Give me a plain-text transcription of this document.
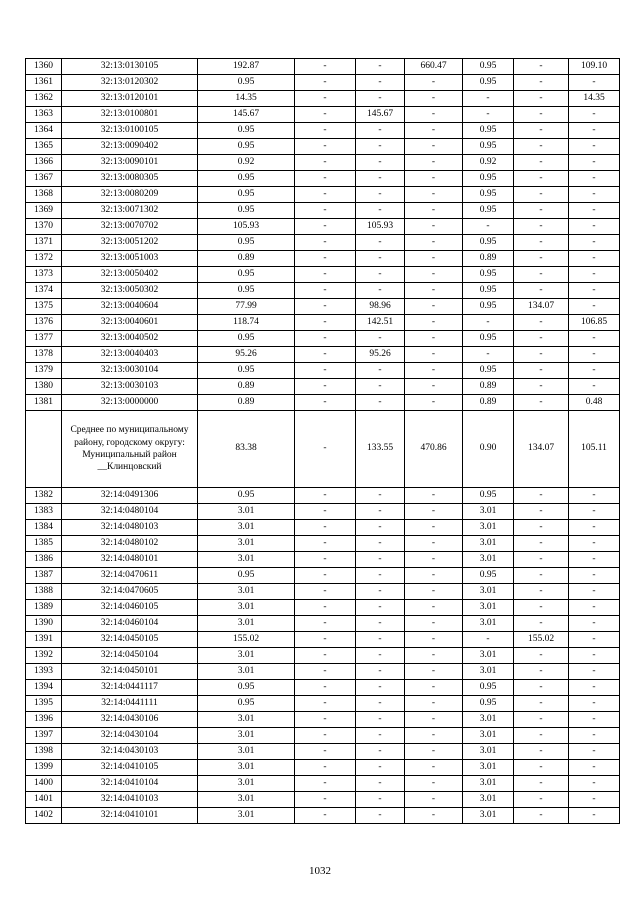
1360	32:13:0130105	192.87	-	-	660.47	0.95	-	109.10
1361	32:13:0120302	0.95	-	-	-	0.95	-	-
1362	32:13:0120101	14.35	-	-	-	-	-	14.35
1363	32:13:0100801	145.67	-	145.67	-	-	-	-
1364	32:13:0100105	0.95	-	-	-	0.95	-	-
1365	32:13:0090402	0.95	-	-	-	0.95	-	-
1366	32:13:0090101	0.92	-	-	-	0.92	-	-
1367	32:13:0080305	0.95	-	-	-	0.95	-	-
1368	32:13:0080209	0.95	-	-	-	0.95	-	-
1369	32:13:0071302	0.95	-	-	-	0.95	-	-
1370	32:13:0070702	105.93	-	105.93	-	-	-	-
1371	32:13:0051202	0.95	-	-	-	0.95	-	-
1372	32:13:0051003	0.89	-	-	-	0.89	-	-
1373	32:13:0050402	0.95	-	-	-	0.95	-	-
1374	32:13:0050302	0.95	-	-	-	0.95	-	-
1375	32:13:0040604	77.99	-	98.96	-	0.95	134.07	-
1376	32:13:0040601	118.74	-	142.51	-	-	-	106.85
1377	32:13:0040502	0.95	-	-	-	0.95	-	-
1378	32:13:0040403	95.26	-	95.26	-	-	-	-
1379	32:13:0030104	0.95	-	-	-	0.95	-	-
1380	32:13:0030103	0.89	-	-	-	0.89	-	-
1381	32:13:0000000	0.89	-	-	-	0.89	-	0.48
	Среднее по муниципальному району, городскому округу: Муниципальный район __Клинцовский	83.38	-	133.55	470.86	0.90	134.07	105.11
1382	32:14:0491306	0.95	-	-	-	0.95	-	-
1383	32:14:0480104	3.01	-	-	-	3.01	-	-
1384	32:14:0480103	3.01	-	-	-	3.01	-	-
1385	32:14:0480102	3.01	-	-	-	3.01	-	-
1386	32:14:0480101	3.01	-	-	-	3.01	-	-
1387	32:14:0470611	0.95	-	-	-	0.95	-	-
1388	32:14:0470605	3.01	-	-	-	3.01	-	-
1389	32:14:0460105	3.01	-	-	-	3.01	-	-
1390	32:14:0460104	3.01	-	-	-	3.01	-	-
1391	32:14:0450105	155.02	-	-	-	-	155.02	-
1392	32:14:0450104	3.01	-	-	-	3.01	-	-
1393	32:14:0450101	3.01	-	-	-	3.01	-	-
1394	32:14:0441117	0.95	-	-	-	0.95	-	-
1395	32:14:0441111	0.95	-	-	-	0.95	-	-
1396	32:14:0430106	3.01	-	-	-	3.01	-	-
1397	32:14:0430104	3.01	-	-	-	3.01	-	-
1398	32:14:0430103	3.01	-	-	-	3.01	-	-
1399	32:14:0410105	3.01	-	-	-	3.01	-	-
1400	32:14:0410104	3.01	-	-	-	3.01	-	-
1401	32:14:0410103	3.01	-	-	-	3.01	-	-
1402	32:14:0410101	3.01	-	-	-	3.01	-	-
1032
